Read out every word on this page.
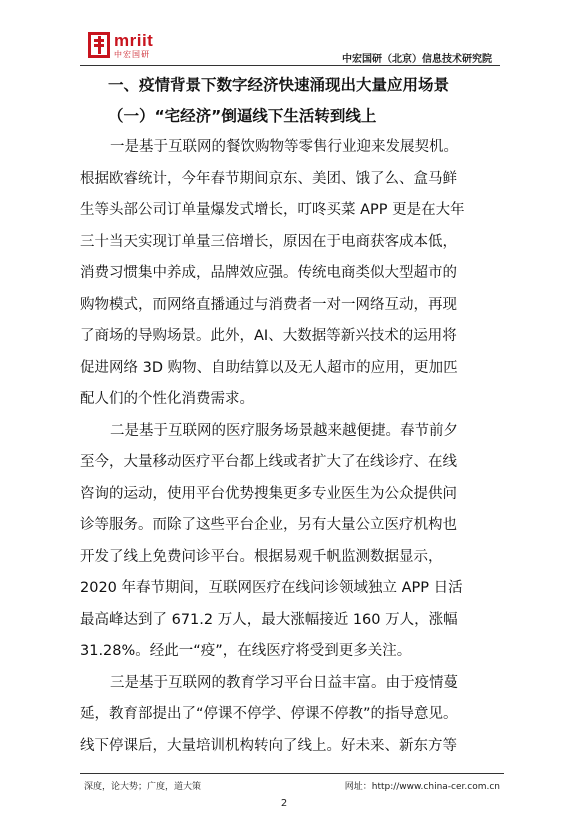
mriit
中宏国研	中宏国研（北京）信息技术研究院
一、疫情背景下数字经济快速涌现出大量应用场景
（一）“宅经济”倒逼线下生活转到线上
一是基于互联网的餐饮购物等零售行业迎来发展契机。
根据欧睿统计，今年春节期间京东、美团、饿了么、盒马鲜
生等头部公司订单量爆发式增长，叮咚买菜 APP 更是在大年
三十当天实现订单量三倍增长，原因在于电商获客成本低，
消费习惯集中养成，品牌效应强。传统电商类似大型超市的
购物模式，而网络直播通过与消费者一对一网络互动，再现
了商场的导购场景。此外，AI、大数据等新兴技术的运用将
促进网络 3D 购物、自助结算以及无人超市的应用，更加匹
配人们的个性化消费需求。
二是基于互联网的医疗服务场景越来越便捷。春节前夕
至今，大量移动医疗平台都上线或者扩大了在线诊疗、在线
咨询的运动，使用平台优势搜集更多专业医生为公众提供问
诊等服务。而除了这些平台企业，另有大量公立医疗机构也
开发了线上免费问诊平台。根据易观千帆监测数据显示，
2020 年春节期间，互联网医疗在线问诊领域独立 APP 日活
最高峰达到了 671.2 万人，最大涨幅接近 160 万人，涨幅
31.28%。经此一“疫”，在线医疗将受到更多关注。
三是基于互联网的教育学习平台日益丰富。由于疫情蔓
延，教育部提出了“停课不停学、停课不停教”的指导意见。
线下停课后，大量培训机构转向了线上。好未来、新东方等
深度，论大势；广度，道大策	网址：http://www.china-cer.com.cn
2
